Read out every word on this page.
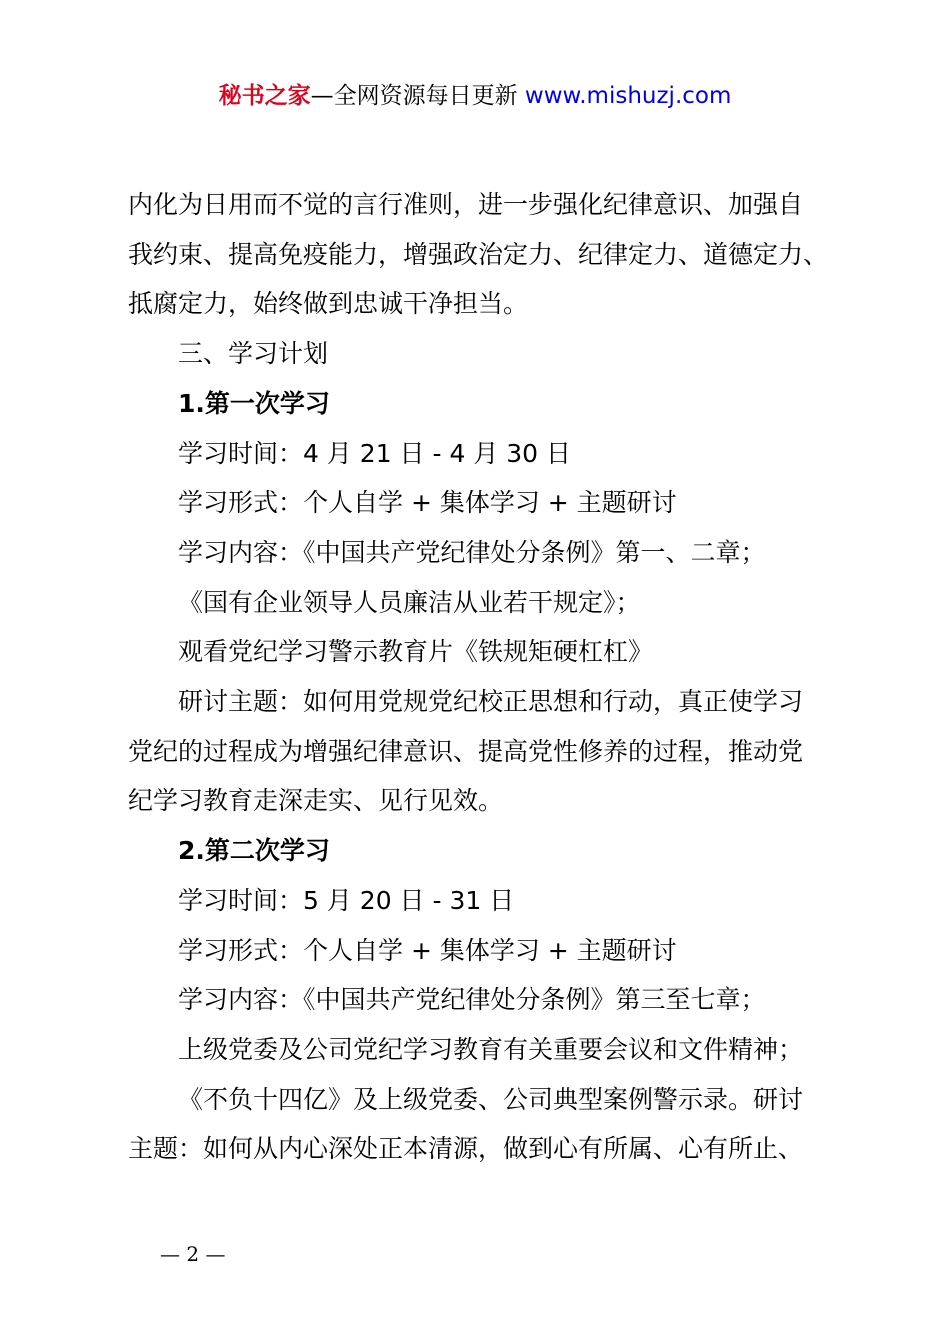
秘书之家—全网资源每日更新 www.mishuzj.com

内化为日用而不觉的言行准则，进一步强化纪律意识、加强自

我约束、提高免疫能力，增强政治定力、纪律定力、道德定力、

抵腐定力，始终做到忠诚干净担当。

三、学习计划

1.第一次学习

学习时间：4 月 21 日 - 4 月 30 日

学习形式：个人自学 + 集体学习 + 主题研讨

学习内容：《中国共产党纪律处分条例》第一、二章；

《国有企业领导人员廉洁从业若干规定》；

观看党纪学习警示教育片《铁规矩硬杠杠》

研讨主题：如何用党规党纪校正思想和行动，真正使学习

党纪的过程成为增强纪律意识、提高党性修养的过程，推动党

纪学习教育走深走实、见行见效。

2.第二次学习

学习时间：5 月 20 日 - 31 日

学习形式：个人自学 + 集体学习 + 主题研讨

学习内容：《中国共产党纪律处分条例》第三至七章；

上级党委及公司党纪学习教育有关重要会议和文件精神；

《不负十四亿》及上级党委、公司典型案例警示录。研讨

主题：如何从内心深处正本清源，做到心有所属、心有所止、

— 2 —
